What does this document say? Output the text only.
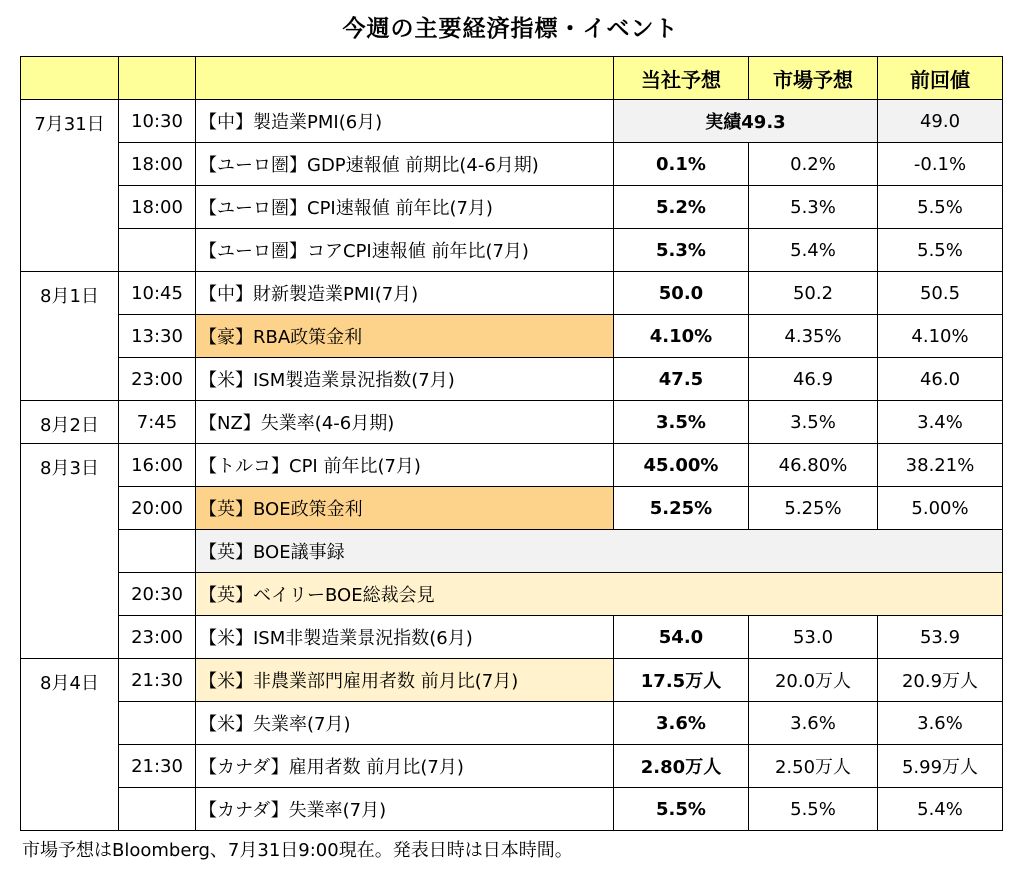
今週の主要経済指標・イベント
			当社予想	市場予想	前回値
7月31日	10:30	【中】製造業PMI(6月)	実績49.3		49.0
	18:00	【ユーロ圏】GDP速報値 前期比(4-6月期)	0.1%	0.2%	-0.1%
	18:00	【ユーロ圏】CPI速報値 前年比(7月)	5.2%	5.3%	5.5%
		【ユーロ圏】コアCPI速報値 前年比(7月)	5.3%	5.4%	5.5%
8月1日	10:45	【中】財新製造業PMI(7月)	50.0	50.2	50.5
	13:30	【豪】RBA政策金利	4.10%	4.35%	4.10%
	23:00	【米】ISM製造業景況指数(7月)	47.5	46.9	46.0
8月2日	7:45	【NZ】失業率(4-6月期)	3.5%	3.5%	3.4%
8月3日	16:00	【トルコ】CPI 前年比(7月)	45.00%	46.80%	38.21%
	20:00	【英】BOE政策金利	5.25%	5.25%	5.00%
		【英】BOE議事録			
	20:30	【英】ベイリーBOE総裁会見			
	23:00	【米】ISM非製造業景況指数(6月)	54.0	53.0	53.9
8月4日	21:30	【米】非農業部門雇用者数 前月比(7月)	17.5万人	20.0万人	20.9万人
		【米】失業率(7月)	3.6%	3.6%	3.6%
	21:30	【カナダ】雇用者数 前月比(7月)	2.80万人	2.50万人	5.99万人
		【カナダ】失業率(7月)	5.5%	5.5%	5.4%
市場予想はBloomberg、7月31日9:00現在。発表日時は日本時間。
